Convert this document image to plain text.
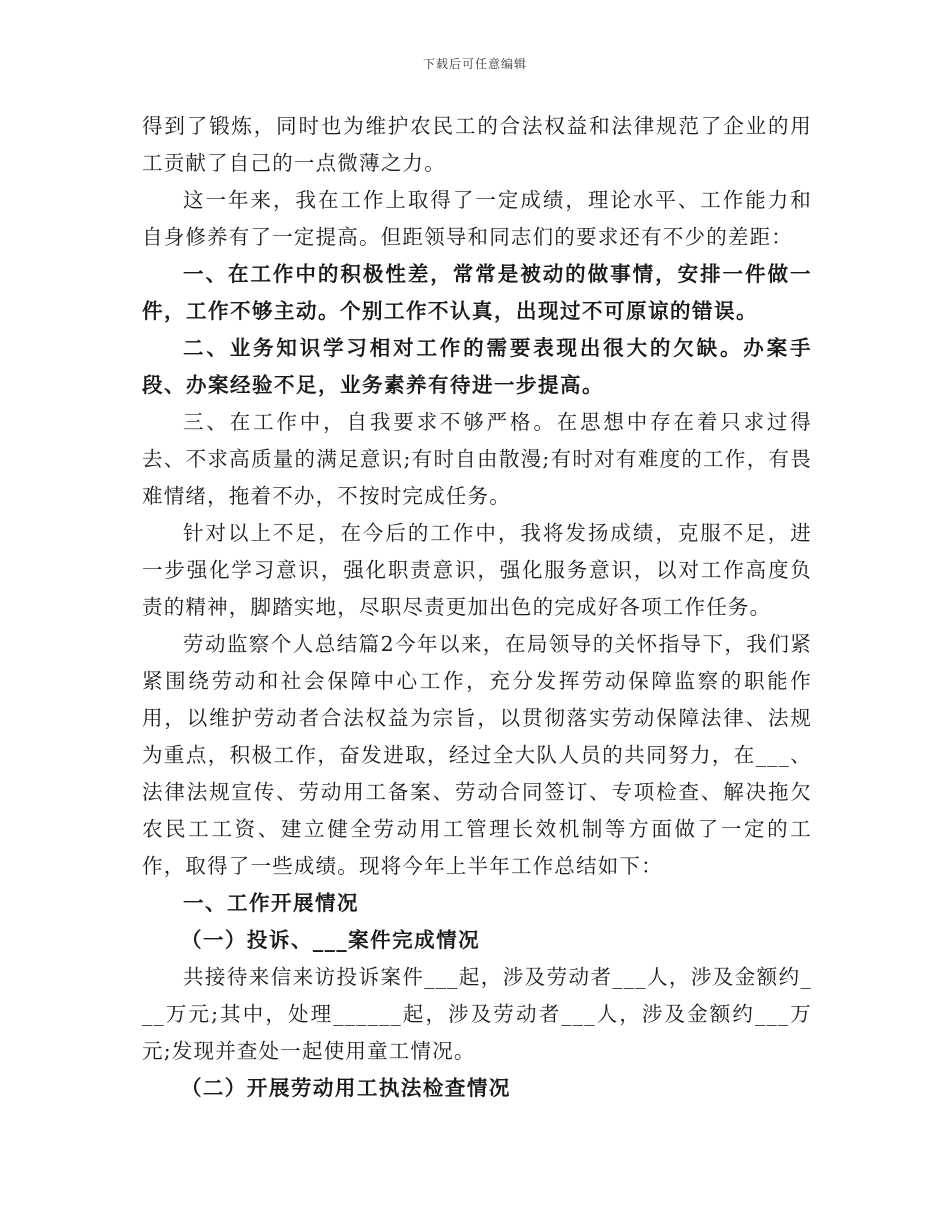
下载后可任意编辑

得到了锻炼，同时也为维护农民工的合法权益和法律规范了企业的用工贡献了自己的一点微薄之力。

这一年来，我在工作上取得了一定成绩，理论水平、工作能力和自身修养有了一定提高。但距领导和同志们的要求还有不少的差距：

一、在工作中的积极性差，常常是被动的做事情，安排一件做一件，工作不够主动。个别工作不认真，出现过不可原谅的错误。

二、业务知识学习相对工作的需要表现出很大的欠缺。办案手段、办案经验不足，业务素养有待进一步提高。

三、在工作中，自我要求不够严格。在思想中存在着只求过得去、不求高质量的满足意识;有时自由散漫;有时对有难度的工作，有畏难情绪，拖着不办，不按时完成任务。

针对以上不足，在今后的工作中，我将发扬成绩，克服不足，进一步强化学习意识，强化职责意识，强化服务意识，以对工作高度负责的精神，脚踏实地，尽职尽责更加出色的完成好各项工作任务。

劳动监察个人总结篇2今年以来，在局领导的关怀指导下，我们紧紧围绕劳动和社会保障中心工作，充分发挥劳动保障监察的职能作用，以维护劳动者合法权益为宗旨，以贯彻落实劳动保障法律、法规为重点，积极工作，奋发进取，经过全大队人员的共同努力，在___、法律法规宣传、劳动用工备案、劳动合同签订、专项检查、解决拖欠农民工工资、建立健全劳动用工管理长效机制等方面做了一定的工作，取得了一些成绩。现将今年上半年工作总结如下：

一、工作开展情况

（一）投诉、___案件完成情况

共接待来信来访投诉案件___起，涉及劳动者___人，涉及金额约___万元;其中，处理______起，涉及劳动者___人，涉及金额约___万元;发现并查处一起使用童工情况。

（二）开展劳动用工执法检查情况
